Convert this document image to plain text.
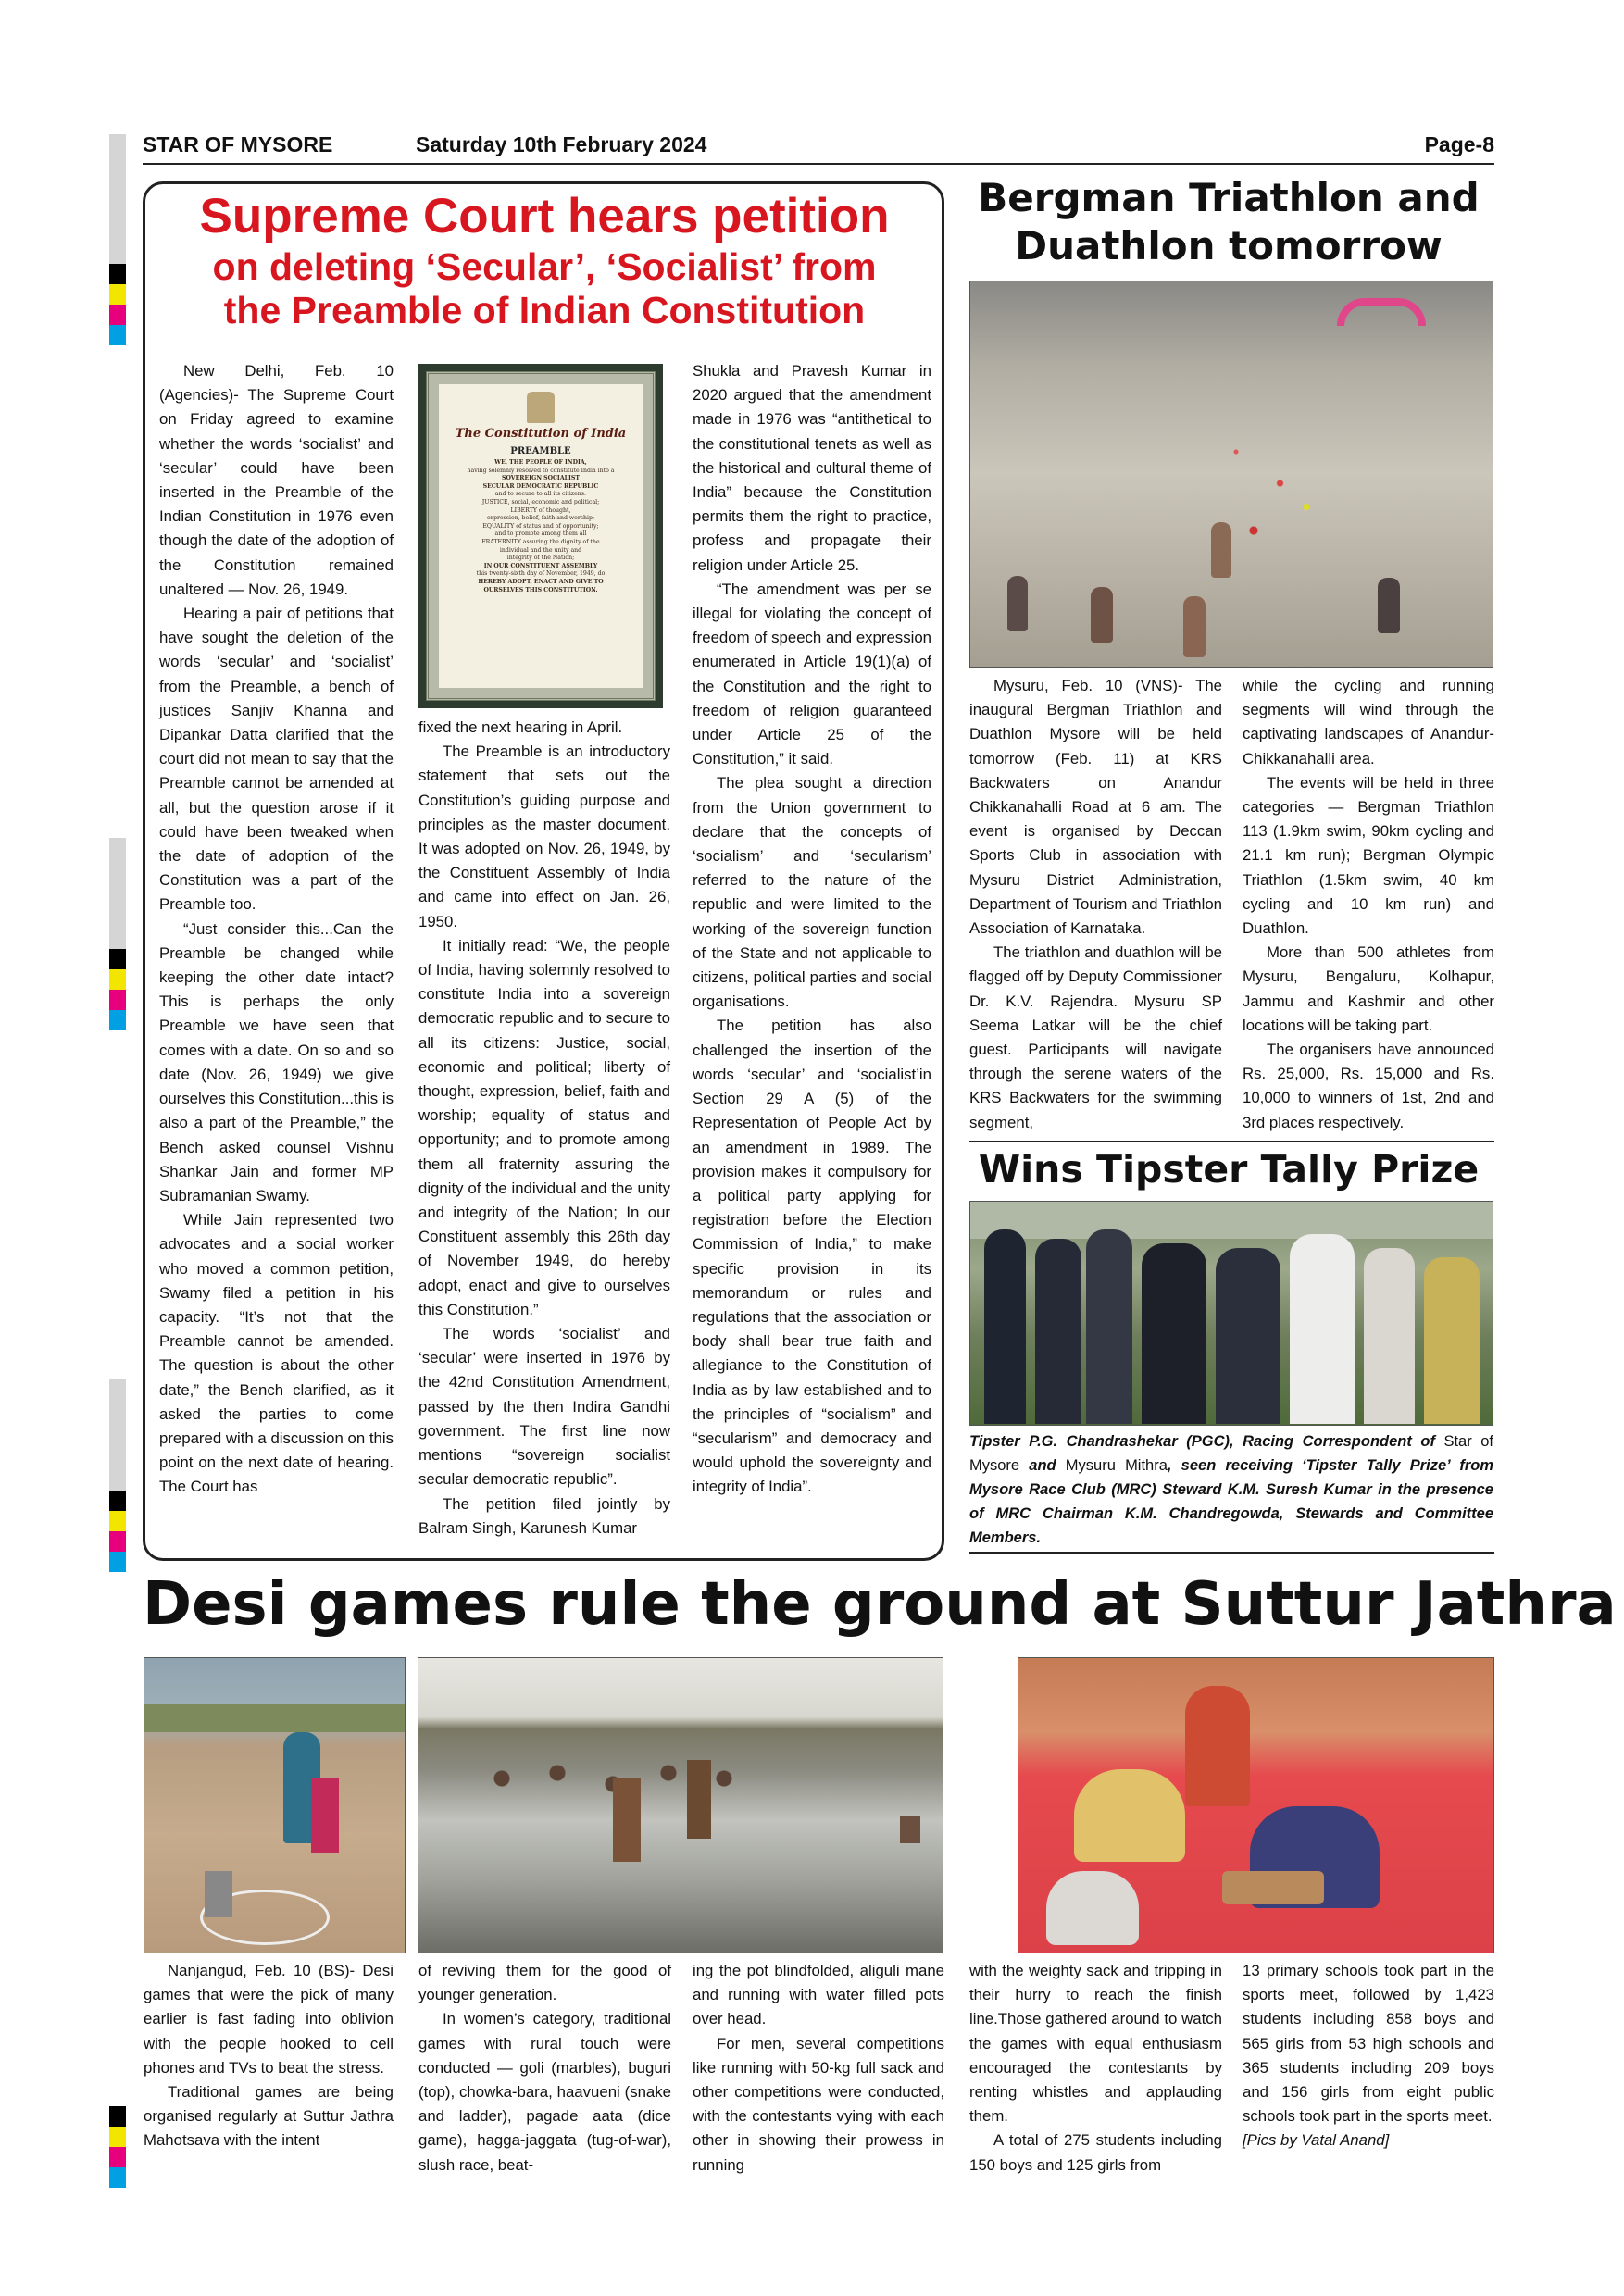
STAR OF MYSORE	Saturday 10th February 2024	Page-8
Supreme Court hears petition
on deleting ‘Secular’, ‘Socialist’ from
the Preamble of Indian Constitution

New Delhi, Feb. 10 (Agencies)- The Supreme Court on Friday agreed to examine whether the words ‘socialist’ and ‘secular’ could have been inserted in the Preamble of the Indian Constitution in 1976 even though the date of the adoption of the Constitution remained unaltered — Nov. 26, 1949.

Hearing a pair of petitions that have sought the deletion of the words ‘secular’ and ‘socialist’ from the Preamble, a bench of justices Sanjiv Khanna and Dipankar Datta clarified that the court did not mean to say that the Preamble cannot be amended at all, but the question arose if it could have been tweaked when the date of adoption of the Constitution was a part of the Preamble too.

“Just consider this...Can the Preamble be changed while keeping the other date intact? This is perhaps the only Preamble we have seen that comes with a date. On so and so date (Nov. 26, 1949) we give ourselves this Constitution...this is also a part of the Preamble,” the Bench asked counsel Vishnu Shankar Jain and former MP Subramanian Swamy.

While Jain represented two advocates and a social worker who moved a common petition, Swamy filed a petition in his capacity. “It’s not that the Preamble cannot be amended. The question is about the other date,” the Bench clarified, as it asked the parties to come prepared with a discussion on this point on the next date of hearing. The Court has

The Constitution of India
PREAMBLE
WE, THE PEOPLE OF INDIA,
having solemnly resolved to constitute India into a
SOVEREIGN SOCIALIST
SECULAR DEMOCRATIC REPUBLIC
and to secure to all its citizens:
JUSTICE, social, economic and political;
LIBERTY of thought,
expression, belief, faith and worship;
EQUALITY of status and of opportunity;
and to promote among them all
FRATERNITY assuring the dignity of the
individual and the unity and
integrity of the Nation;
IN OUR CONSTITUENT ASSEMBLY
this twenty-sixth day of November, 1949, do
HEREBY ADOPT, ENACT AND GIVE TO
OURSELVES THIS CONSTITUTION.

fixed the next hearing in April.

The Preamble is an introductory statement that sets out the Constitution’s guiding purpose and principles as the master document. It was adopted on Nov. 26, 1949, by the Constituent Assembly of India and came into effect on Jan. 26, 1950.

It initially read: “We, the people of India, having solemnly resolved to constitute India into a sovereign democratic republic and to secure to all its citizens: Justice, social, economic and political; liberty of thought, expression, belief, faith and worship; equality of status and opportunity; and to promote among them all fraternity assuring the dignity of the individual and the unity and integrity of the Nation; In our Constituent assembly this 26th day of November 1949, do hereby adopt, enact and give to ourselves this Constitution.”

The words ‘socialist’ and ‘secular’ were inserted in 1976 by the 42nd Constitution Amendment, passed by the then Indira Gandhi government. The first line now mentions “sovereign socialist secular democratic republic”.

The petition filed jointly by Balram Singh, Karunesh Kumar

Shukla and Pravesh Kumar in 2020 argued that the amendment made in 1976 was “antithetical to the constitutional tenets as well as the historical and cultural theme of India” because the Constitution permits them the right to practice, profess and propagate their religion under Article 25.

“The amendment was per se illegal for violating the concept of freedom of speech and expression enumerated in Article 19(1)(a) of the Constitution and the right to freedom of religion guaranteed under Article 25 of the Constitution,” it said.

The plea sought a direction from the Union government to declare that the concepts of ‘socialism’ and ‘secularism’ referred to the nature of the republic and were limited to the working of the sovereign function of the State and not applicable to citizens, political parties and social organisations.

The petition has also challenged the insertion of the words ‘secular’ and ‘socialist’in Section 29 A (5) of the Representation of People Act by an amendment in 1989. The provision makes it compulsory for a political party applying for registration before the Election Commission of India,” to make specific provision in its memorandum or rules and regulations that the association or body shall bear true faith and allegiance to the Constitution of India as by law established and to the principles of “socialism” and “secularism” and democracy and would uphold the sovereignty and integrity of India”.

Bergman Triathlon and
Duathlon tomorrow

Mysuru, Feb. 10 (VNS)- The inaugural Bergman Triathlon and Duathlon Mysore will be held tomorrow (Feb. 11) at KRS Backwaters on Anandur Chikkanahalli Road at 6 am. The event is organised by Deccan Sports Club in association with Mysuru District Administration, Department of Tourism and Triathlon Association of Karnataka.

The triathlon and duathlon will be flagged off by Deputy Commissioner Dr. K.V. Rajendra. Mysuru SP Seema Latkar will be the chief guest. Participants will navigate through the serene waters of the KRS Backwaters for the swimming segment,

while the cycling and running segments will wind through the captivating landscapes of Anandur-Chikkanahalli area.

The events will be held in three categories — Bergman Triathlon 113 (1.9km swim, 90km cycling and 21.1 km run); Bergman Olympic Triathlon (1.5km swim, 40 km cycling and 10 km run) and Duathlon.

More than 500 athletes from Mysuru, Bengaluru, Kolhapur, Jammu and Kashmir and other locations will be taking part.

The organisers have announced Rs. 25,000, Rs. 15,000 and Rs. 10,000 to winners of 1st, 2nd and 3rd places respectively.

Wins Tipster Tally Prize
Tipster P.G. Chandrashekar (PGC), Racing Correspondent of Star of Mysore and Mysuru Mithra, seen receiving ‘Tipster Tally Prize’ from Mysore Race Club (MRC) Steward K.M. Suresh Kumar in the presence of MRC Chairman K.M. Chandregowda, Stewards and Committee Members.
Desi games rule the ground at Suttur Jathra

Nanjangud, Feb. 10 (BS)- Desi games that were the pick of many earlier is fast fading into oblivion with the people hooked to cell phones and TVs to beat the stress.

Traditional games are being organised regularly at Suttur Jathra Mahotsava with the intent

of reviving them for the good of younger generation.

In women’s category, traditional games with rural touch were conducted — goli (marbles), buguri (top), chowka-bara, haavueni (snake and ladder), pagade aata (dice game), hagga-jaggata (tug-of-war), slush race, beat-

ing the pot blindfolded, aliguli mane and running with water filled pots over head.

For men, several competitions like running with 50-kg full sack and other competitions were conducted, with the contestants vying with each other in showing their prowess in running

with the weighty sack and tripping in their hurry to reach the finish line.Those gathered around to watch the games with equal enthusiasm encouraged the contestants by renting whistles and applauding them.

A total of 275 students including 150 boys and 125 girls from

13 primary schools took part in the sports meet, followed by 1,423 students including 858 boys and 565 girls from 53 high schools and 365 students including 209 boys and 156 girls from eight public schools took part in the sports meet.

[Pics by Vatal Anand]
